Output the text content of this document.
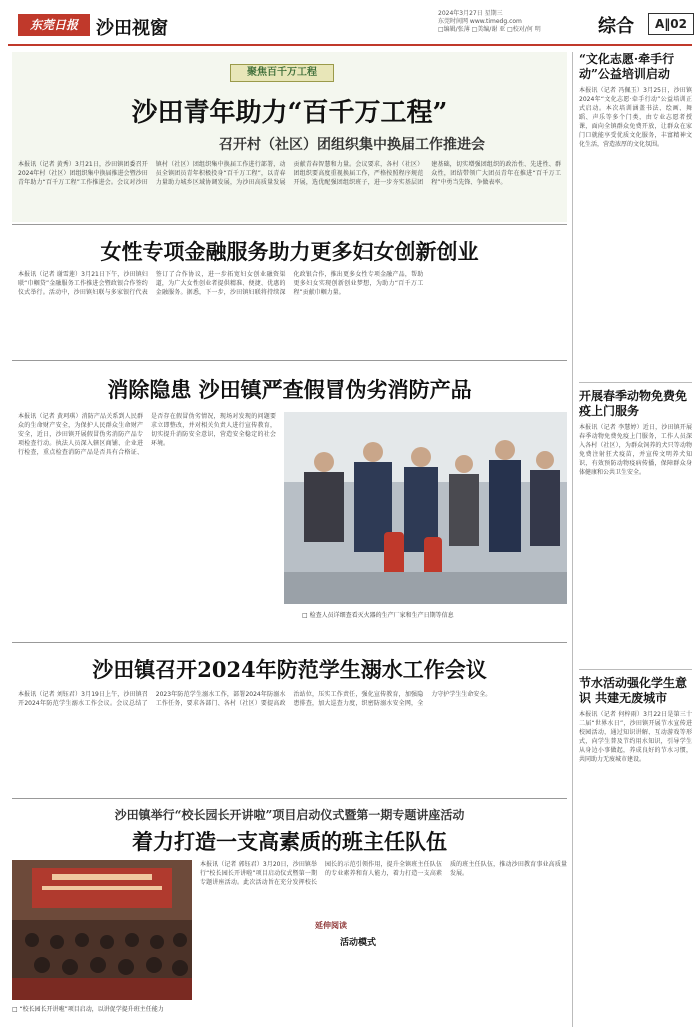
东莞日报	沙田视窗
2024年3月27日 星期三
东莞时间网 www.timedg.com
□编辑/张薄 □美编/谢 亚 □校对/何 明	综合	A‖02
聚焦百千万工程
沙田青年助力“百千万工程”
召开村（社区）团组织集中换届工作推进会
本报讯（记者 黄秀）3月21日，沙田镇团委召开2024年村（社区）团组织集中换届推进会暨沙田青年助力“百千万工程”工作推进会。会议对沙田镇村（社区）团组织集中换届工作进行部署，动员全镇团员青年积极投身“百千万工程”，以青春力量助力城乡区域协调发展，为沙田高质量发展贡献青春智慧和力量。会议要求，各村（社区）团组织要高度重视换届工作，严格按照程序规范开展，选优配强团组织班子，进一步夯实基层团建基础，切实增强团组织的政治性、先进性、群众性，团结带领广大团员青年在推进“百千万工程”中勇当先锋、争做表率。
女性专项金融服务助力更多妇女创新创业
本报讯（记者 谢雪莲）3月21日下午，沙田镇妇联“巾帼贷”金融服务工作推进会暨政银合作签约仪式举行。活动中，沙田镇妇联与多家银行代表签订了合作协议，进一步拓宽妇女创业融资渠道，为广大女性创业者提供精准、便捷、优惠的金融服务。据悉，下一步，沙田镇妇联将持续深化政银合作，推出更多女性专项金融产品，帮助更多妇女实现创新创业梦想，为助力“百千万工程”贡献巾帼力量。
消除隐患 沙田镇严查假冒伪劣消防产品
本报讯（记者 黄珂琪）消防产品关系到人民群众的生命财产安全，为保护人民群众生命财产安全，近日，沙田镇开展假冒伪劣消防产品专项检查行动。执法人员深入辖区商铺、企业进行检查，重点检查消防产品是否具有合格证、是否存在假冒伪劣情况，现场对发现的问题要求立即整改，并对相关负责人进行宣传教育，切实提升消防安全意识，营造安全稳定的社会环境。
□ 检查人员详细查看灭火器的生产厂家和生产日期等信息
沙田镇召开2024年防范学生溺水工作会议
本报讯（记者 刘钰君）3月19日上午，沙田镇召开2024年防范学生溺水工作会议。会议总结了2023年防范学生溺水工作，部署2024年防溺水工作任务，要求各部门、各村（社区）要提高政治站位，压实工作责任，强化宣传教育，加强隐患排查，加大巡查力度，织密防溺水安全网，全力守护学生生命安全。
沙田镇举行“校长园长开讲啦”项目启动仪式暨第一期专题讲座活动
着力打造一支高素质的班主任队伍
□ “校长园长开讲啦”项目启动，以讲促学提升班主任能力
本报讯（记者 郭钰君）3月20日，沙田镇举行“校长园长开讲啦”项目启动仪式暨第一期专题讲座活动。此次活动旨在充分发挥校长园长的示范引领作用，提升全镇班主任队伍的专业素养和育人能力，着力打造一支高素质的班主任队伍，推动沙田教育事业高质量发展。
延伸阅读
活动模式
“文化志愿·牵手行动”公益培训启动
本报讯（记者 冯佩玉）3月25日，沙田镇2024年“文化志愿·牵手行动”公益培训正式启动。本次培训涵盖书法、绘画、舞蹈、声乐等多个门类，由专业志愿者授课，面向全镇群众免费开放，让群众在家门口就能享受优质文化服务，丰富精神文化生活，营造浓厚的文化氛围。
开展春季动物免费免疫上门服务
本报讯（记者 李慧婷）近日，沙田镇开展春季动物免费免疫上门服务，工作人员深入各村（社区），为群众饲养的犬只等动物免费注射狂犬疫苗，并宣传文明养犬知识，有效预防动物疫病传播，保障群众身体健康和公共卫生安全。
节水活动强化学生意识 共建无废城市
本报讯（记者 何梓雨）3月22日是第三十二届“世界水日”，沙田镇开展节水宣传进校园活动，通过知识讲解、互动游戏等形式，向学生普及节约用水知识，引导学生从身边小事做起，养成良好的节水习惯，共同助力无废城市建设。
